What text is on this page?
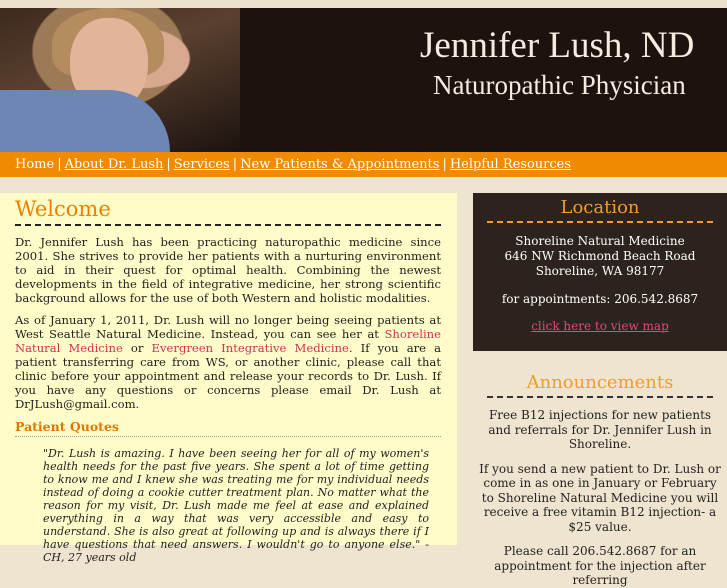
Jennifer Lush, ND
Naturopathic Physician
Home | About Dr. Lush | Services | New Patients & Appointments | Helpful Resources
Welcome

Dr. Jennifer Lush has been practicing naturopathic medicine since 2001. She strives to provide her patients with a nurturing environment to aid in their quest for optimal health. Combining the newest developments in the field of integrative medicine, her strong scientific background allows for the use of both Western and holistic modalities.

As of January 1, 2011, Dr. Lush will no longer being seeing patients at West Seattle Natural Medicine. Instead, you can see her at Shoreline Natural Medicine or Evergreen Integrative Medicine. If you are a patient transferring care from WS, or another clinic, please call that clinic before your appointment and release your records to Dr. Lush. If you have any questions or concerns please email Dr. Lush at DrJLush@gmail.com.

Patient Quotes
"Dr. Lush is amazing. I have been seeing her for all of my women's health needs for the past five years. She spent a lot of time getting to know me and I knew she was treating me for my individual needs instead of doing a cookie cutter treatment plan. No matter what the reason for my visit, Dr. Lush made me feel at ease and explained everything in a way that was very accessible and easy to understand. She is also great at following up and is always there if I have questions that need answers. I wouldn't go to anyone else." -CH, 27 years old
Location
Shoreline Natural Medicine
646 NW Richmond Beach Road
Shoreline, WA 98177
for appointments: 206.542.8687
click here to view map
Announcements

Free B12 injections for new patients and referrals for Dr. Jennifer Lush in Shoreline.

If you send a new patient to Dr. Lush or come in as one in January or February to Shoreline Natural Medicine you will receive a free vitamin B12 injection- a $25 value.

Please call 206.542.8687 for an appointment for the injection after referring
